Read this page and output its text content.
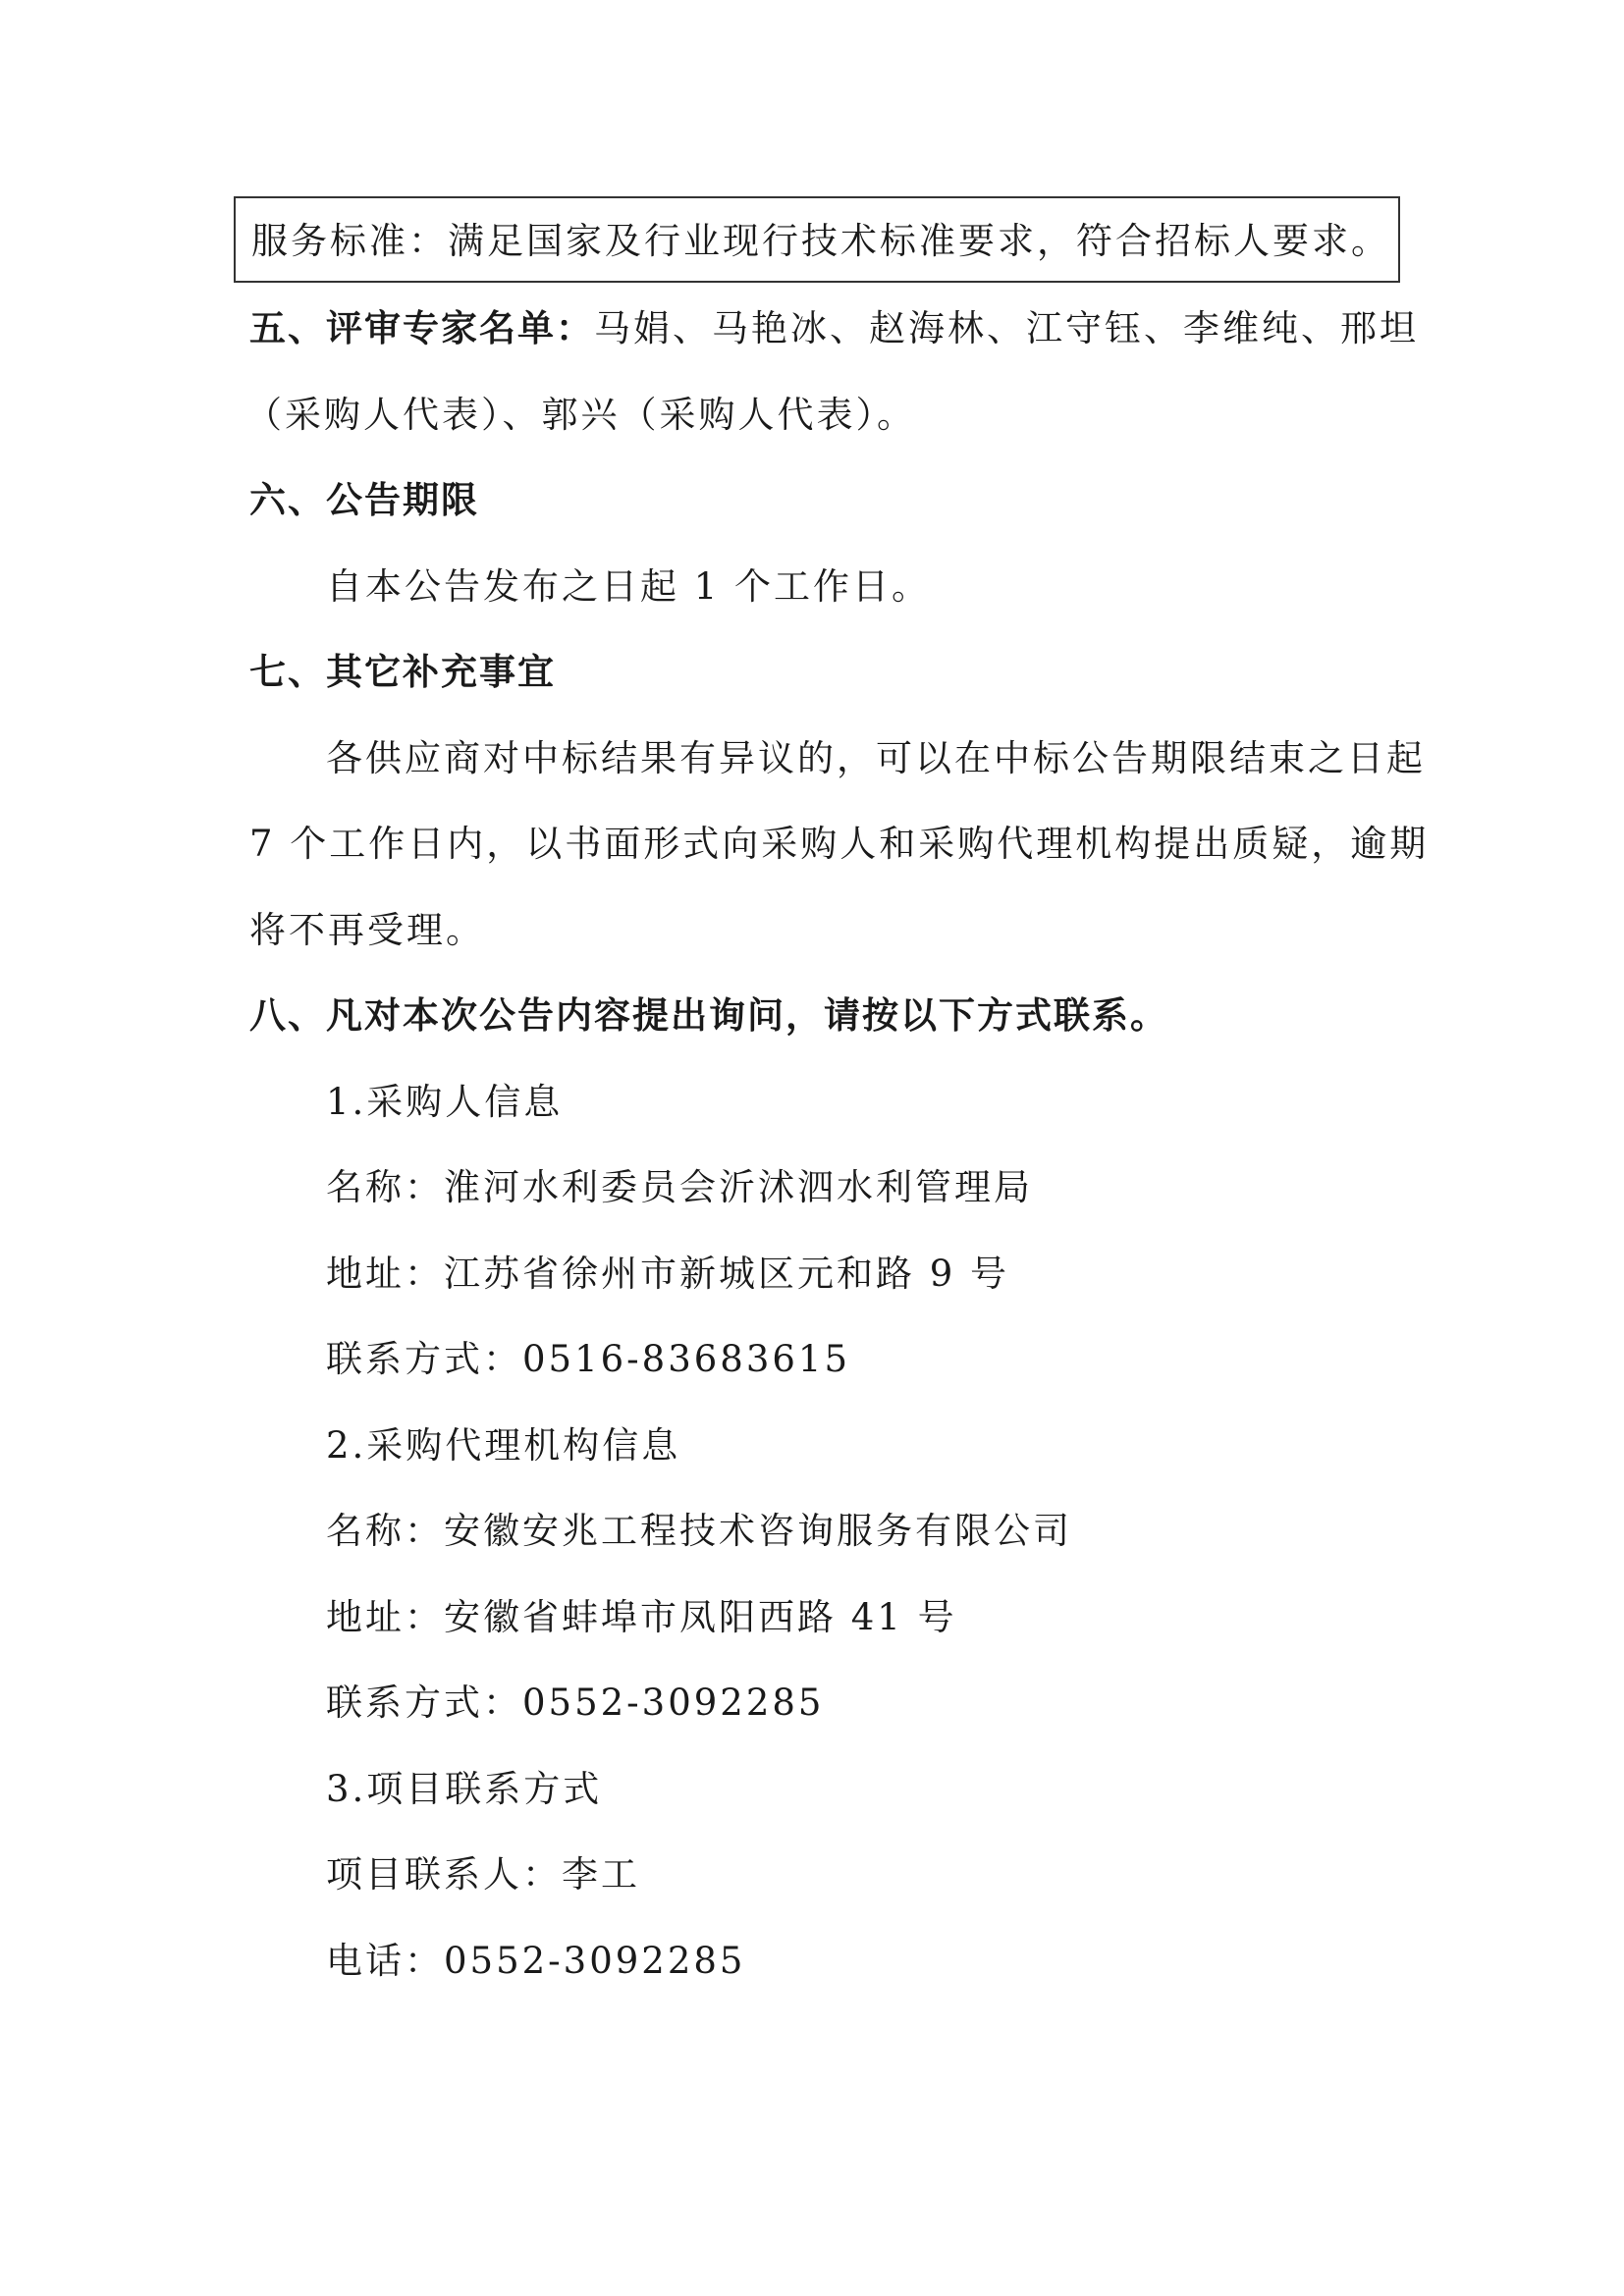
服务标准：满足国家及行业现行技术标准要求，符合招标人要求。
五、评审专家名单：马娟、马艳冰、赵海林、江守钰、李维纯、邢坦
（采购人代表）、郭兴（采购人代表）。
六、公告期限
自本公告发布之日起 1 个工作日。
七、其它补充事宜
各供应商对中标结果有异议的，可以在中标公告期限结束之日起
7 个工作日内，以书面形式向采购人和采购代理机构提出质疑，逾期
将不再受理。
八、凡对本次公告内容提出询问，请按以下方式联系。
1.采购人信息
名称：淮河水利委员会沂沭泗水利管理局
地址：江苏省徐州市新城区元和路 9 号
联系方式：0516-83683615
2.采购代理机构信息
名称：安徽安兆工程技术咨询服务有限公司
地址：安徽省蚌埠市凤阳西路 41 号
联系方式：0552-3092285
3.项目联系方式
项目联系人：李工
电话：0552-3092285
